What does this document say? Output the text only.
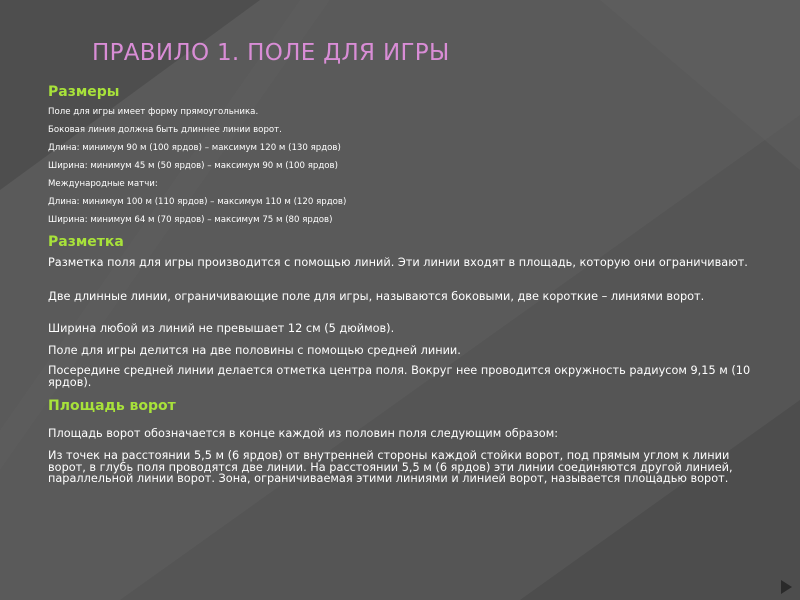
ПРАВИЛО 1. ПОЛЕ ДЛЯ ИГРЫ
Размеры
Поле для игры имеет форму прямоугольника.
Боковая линия должна быть длиннее линии ворот.
Длина: минимум 90 м (100 ярдов) – максимум 120 м (130 ярдов)
Ширина: минимум 45 м (50 ярдов) – максимум 90 м (100 ярдов)
Международные матчи:
Длина: минимум 100 м (110 ярдов) – максимум 110 м (120 ярдов)
Ширина: минимум 64 м (70 ярдов) – максимум 75 м (80 ярдов)
Разметка
Разметка поля для игры производится с помощью линий. Эти линии входят в площадь, которую они ограничивают.
Две длинные линии, ограничивающие поле для игры, называются боковыми, две короткие – линиями ворот.
Ширина любой из линий не превышает 12 см (5 дюймов).
Поле для игры делится на две половины с помощью средней линии.
Посередине средней линии делается отметка центра поля. Вокруг нее проводится окружность радиусом 9,15 м (10 ярдов).
Площадь ворот
Площадь ворот обозначается в конце каждой из половин поля следующим образом:
Из точек на расстоянии 5,5 м (6 ярдов) от внутренней стороны каждой стойки ворот, под прямым углом к линии ворот, в глубь поля проводятся две линии. На расстоянии 5,5 м (6 ярдов) эти линии соединяются другой линией, параллельной линии ворот. Зона, ограничиваемая этими линиями и линией ворот, называется площадью ворот.
